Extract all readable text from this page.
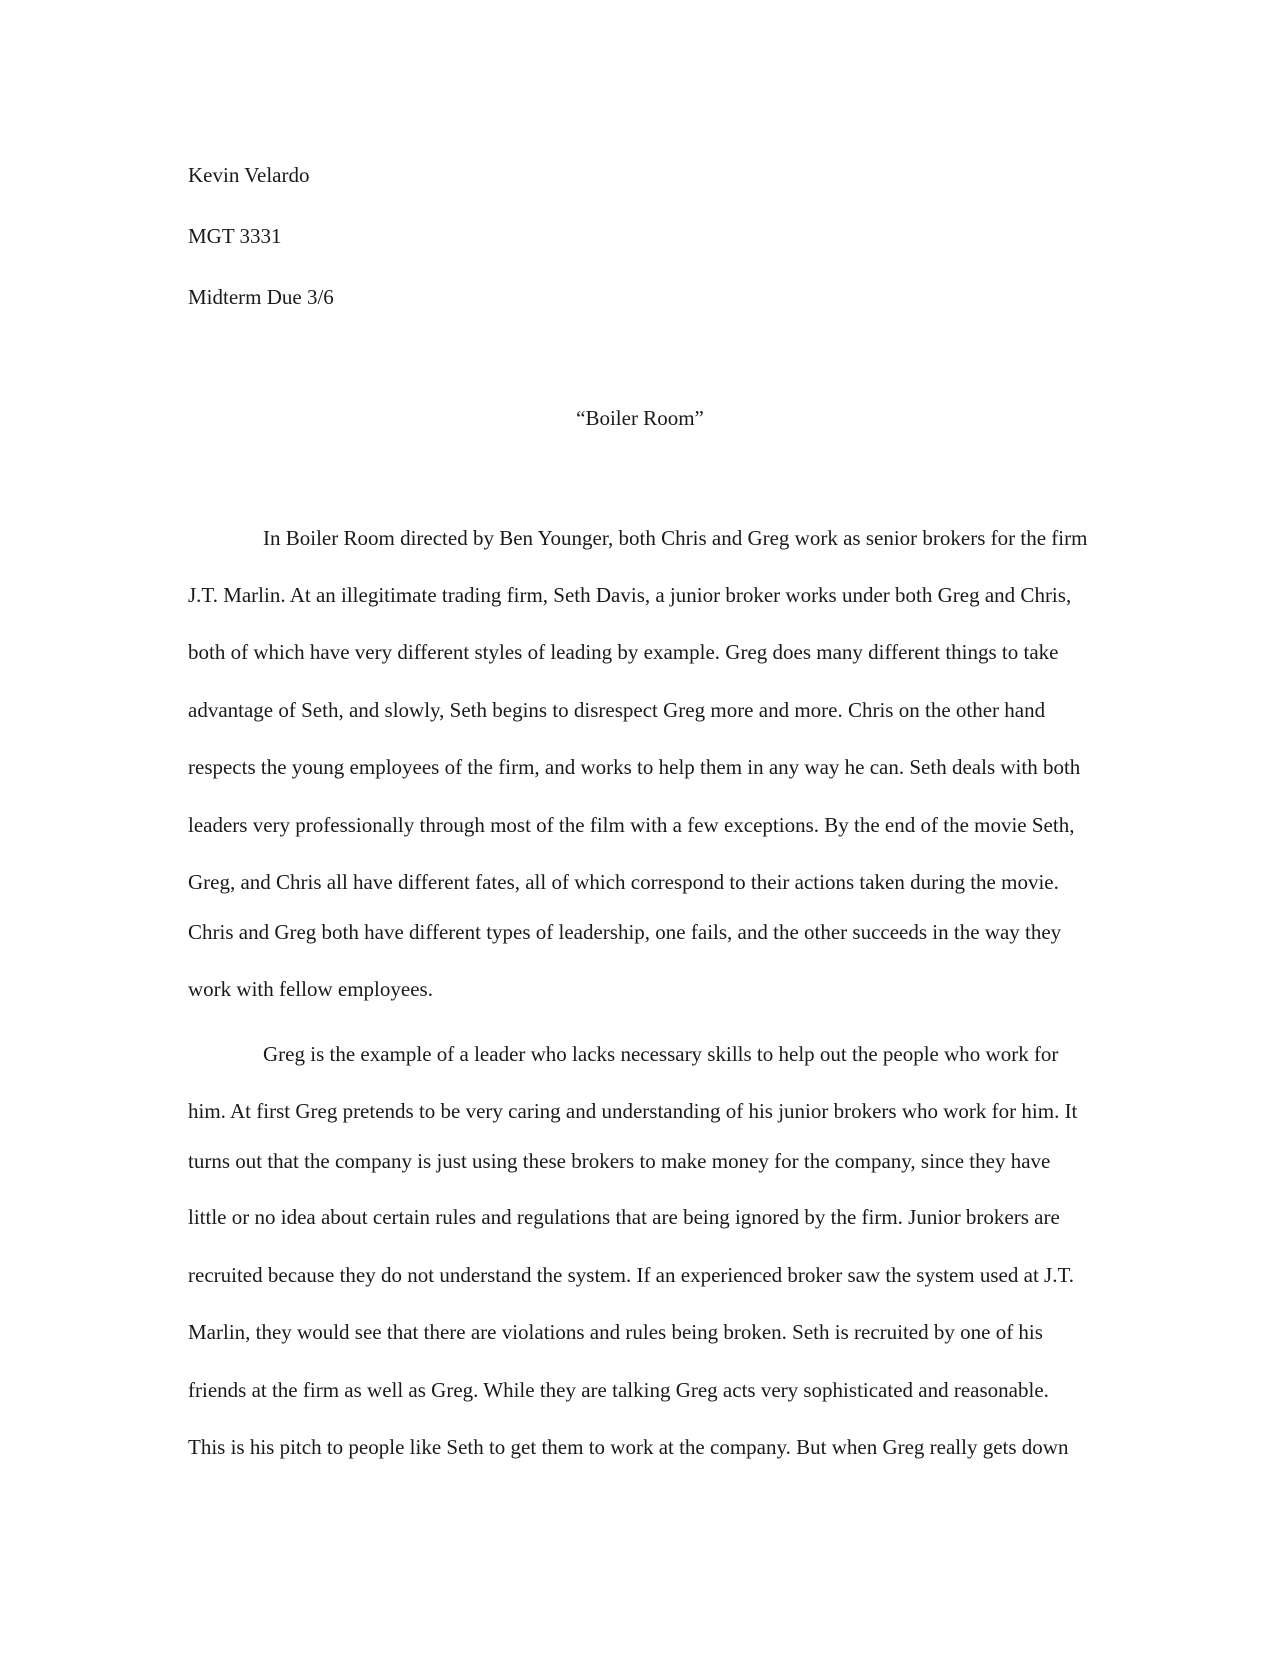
Kevin Velardo
MGT 3331
Midterm Due 3/6
“Boiler Room”
In Boiler Room directed by Ben Younger, both Chris and Greg work as senior brokers for the firm
J.T. Marlin. At an illegitimate trading firm, Seth Davis, a junior broker works under both Greg and Chris,
both of which have very different styles of leading by example. Greg does many different things to take
advantage of Seth, and slowly, Seth begins to disrespect Greg more and more. Chris on the other hand
respects the young employees of the firm, and works to help them in any way he can. Seth deals with both
leaders very professionally through most of the film with a few exceptions. By the end of the movie Seth,
Greg, and Chris all have different fates, all of which correspond to their actions taken during the movie.
Chris and Greg both have different types of leadership, one fails, and the other succeeds in the way they
work with fellow employees.
Greg is the example of a leader who lacks necessary skills to help out the people who work for
him. At first Greg pretends to be very caring and understanding of his junior brokers who work for him. It
turns out that the company is just using these brokers to make money for the company, since they have
little or no idea about certain rules and regulations that are being ignored by the firm. Junior brokers are
recruited because they do not understand the system. If an experienced broker saw the system used at J.T.
Marlin, they would see that there are violations and rules being broken. Seth is recruited by one of his
friends at the firm as well as Greg. While they are talking Greg acts very sophisticated and reasonable.
This is his pitch to people like Seth to get them to work at the company. But when Greg really gets down
